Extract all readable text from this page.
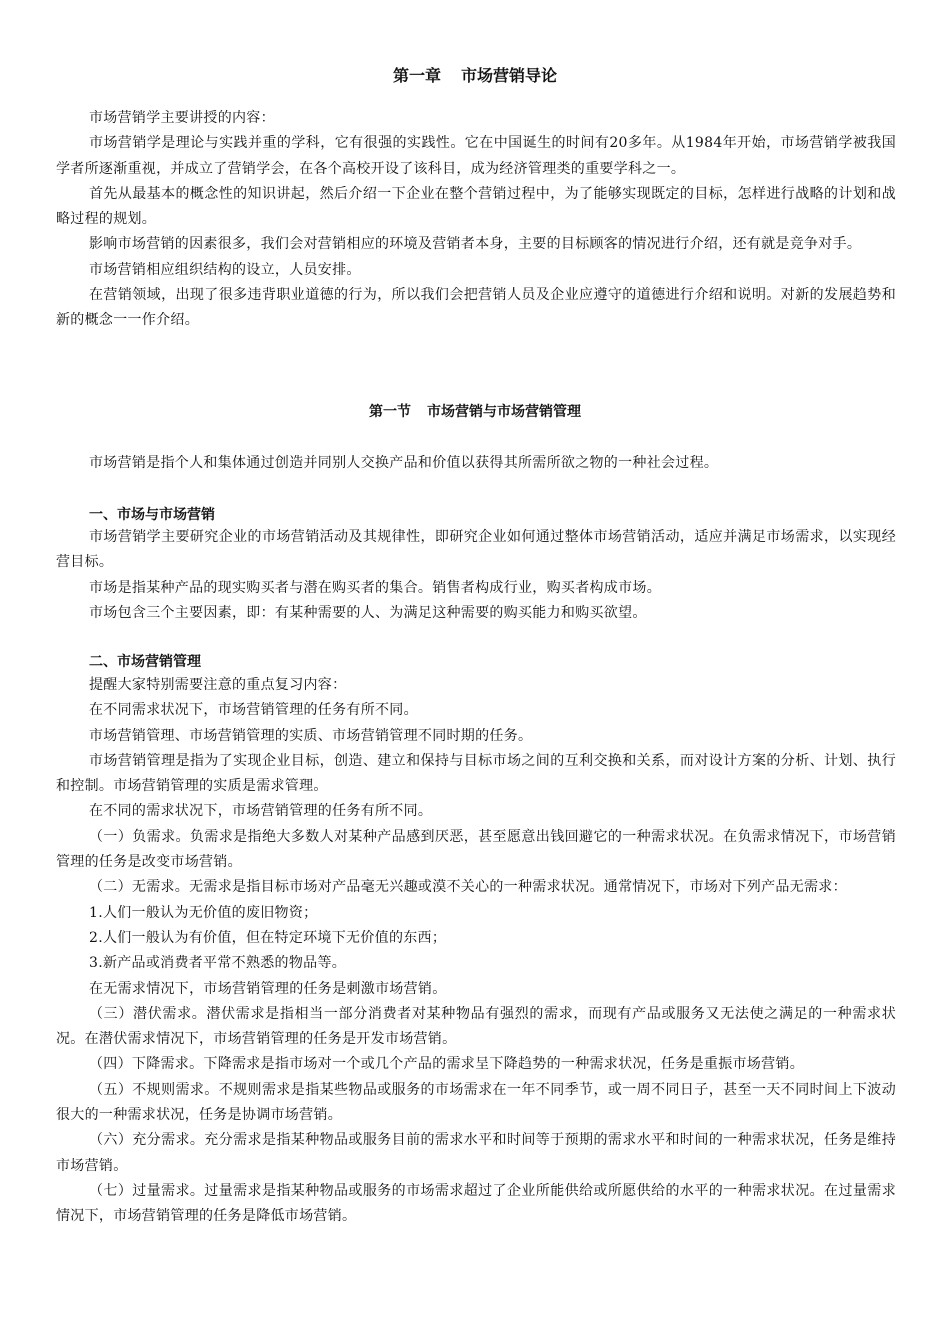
第一章 市场营销导论

市场营销学主要讲授的内容：

市场营销学是理论与实践并重的学科，它有很强的实践性。它在中国诞生的时间有20多年。从1984年开始，市场营销学被我国学者所逐渐重视，并成立了营销学会，在各个高校开设了该科目，成为经济管理类的重要学科之一。

首先从最基本的概念性的知识讲起，然后介绍一下企业在整个营销过程中，为了能够实现既定的目标，怎样进行战略的计划和战略过程的规划。

影响市场营销的因素很多，我们会对营销相应的环境及营销者本身，主要的目标顾客的情况进行介绍，还有就是竞争对手。

市场营销相应组织结构的设立，人员安排。

在营销领域，出现了很多违背职业道德的行为，所以我们会把营销人员及企业应遵守的道德进行介绍和说明。对新的发展趋势和新的概念一一作介绍。

第一节 市场营销与市场营销管理

市场营销是指个人和集体通过创造并同别人交换产品和价值以获得其所需所欲之物的一种社会过程。

一、市场与市场营销

市场营销学主要研究企业的市场营销活动及其规律性，即研究企业如何通过整体市场营销活动，适应并满足市场需求，以实现经营目标。

市场是指某种产品的现实购买者与潜在购买者的集合。销售者构成行业，购买者构成市场。

市场包含三个主要因素，即：有某种需要的人、为满足这种需要的购买能力和购买欲望。

二、市场营销管理

提醒大家特别需要注意的重点复习内容：

在不同需求状况下，市场营销管理的任务有所不同。

市场营销管理、市场营销管理的实质、市场营销管理不同时期的任务。

市场营销管理是指为了实现企业目标，创造、建立和保持与目标市场之间的互利交换和关系，而对设计方案的分析、计划、执行和控制。市场营销管理的实质是需求管理。

在不同的需求状况下，市场营销管理的任务有所不同。

（一）负需求。负需求是指绝大多数人对某种产品感到厌恶，甚至愿意出钱回避它的一种需求状况。在负需求情况下，市场营销管理的任务是改变市场营销。

（二）无需求。无需求是指目标市场对产品毫无兴趣或漠不关心的一种需求状况。通常情况下，市场对下列产品无需求：

1.人们一般认为无价值的废旧物资；

2.人们一般认为有价值，但在特定环境下无价值的东西；

3.新产品或消费者平常不熟悉的物品等。

在无需求情况下，市场营销管理的任务是刺激市场营销。

（三）潜伏需求。潜伏需求是指相当一部分消费者对某种物品有强烈的需求，而现有产品或服务又无法使之满足的一种需求状况。在潜伏需求情况下，市场营销管理的任务是开发市场营销。

（四）下降需求。下降需求是指市场对一个或几个产品的需求呈下降趋势的一种需求状况，任务是重振市场营销。

（五）不规则需求。不规则需求是指某些物品或服务的市场需求在一年不同季节，或一周不同日子，甚至一天不同时间上下波动很大的一种需求状况，任务是协调市场营销。

（六）充分需求。充分需求是指某种物品或服务目前的需求水平和时间等于预期的需求水平和时间的一种需求状况，任务是维持市场营销。

（七）过量需求。过量需求是指某种物品或服务的市场需求超过了企业所能供给或所愿供给的水平的一种需求状况。在过量需求情况下，市场营销管理的任务是降低市场营销。
